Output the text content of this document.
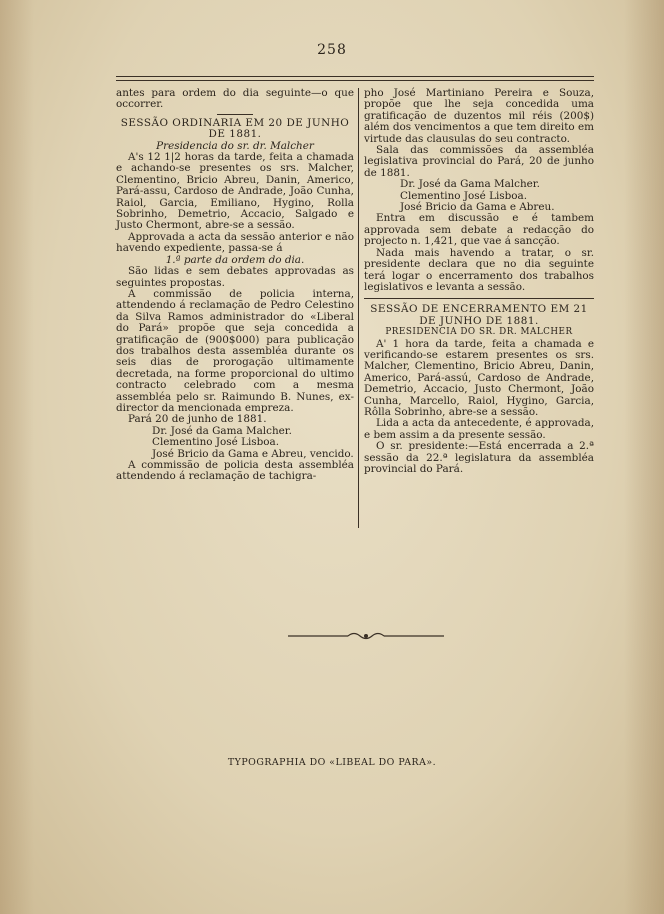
258

antes para ordem do dia seguinte—o que occorrer.

SESSÃO ORDINARIA EM 20 DE JUNHO DE 1881.

Presidencia do sr. dr. Malcher

A's 12 1|2 horas da tarde, feita a chamada e achando-se presentes os srs. Malcher, Clementino, Bricio Abreu, Danin, Americo, Pará-assu, Cardoso de Andrade, João Cunha, Raiol, Garcia, Emiliano, Hygino, Rolla Sobrinho, Demetrio, Accacio, Salgado e Justo Chermont, abre-se a sessão.

Approvada a acta da sessão anterior e não havendo expediente, passa-se á

1.ª parte da ordem do dia.

São lidas e sem debates approvadas as seguintes propostas.

A commissão de policia interna, attendendo á reclamação de Pedro Celestino da Silva Ramos administrador do «Liberal do Pará» propõe que seja concedida a gratificação de (900$000) para publicação dos trabalhos desta assembléa durante os seis dias de prorogação ultimamente decretada, na forme proporcional do ultimo contracto celebrado com a mesma assembléa pelo sr. Raimundo B. Nunes, ex-director da mencionada empreza.

Pará 20 de junho de 1881.

Dr. José da Gama Malcher.

Clementino José Lisboa.

José Bricio da Gama e Abreu, vencido.

A commissão de policia desta assembléa attendendo á reclamação de tachigra-

pho José Martiniano Pereira e Souza, propõe que lhe seja concedida uma gratificação de duzentos mil réis (200$) além dos vencimentos a que tem direito em virtude das clausulas do seu contracto.

Sala das commissões da assembléa legislativa provincial do Pará, 20 de junho de 1881.

Dr. José da Gama Malcher.

Clementino José Lisboa.

José Bricio da Gama e Abreu.

Entra em discussão e é tambem approvada sem debate a redacção do projecto n. 1,421, que vae á sancção.

Nada mais havendo a tratar, o sr. presidente declara que no dia seguinte terá logar o encerramento dos trabalhos legislativos e levanta a sessão.

SESSÃO DE ENCERRAMENTO EM 21 DE JUNHO DE 1881.

PRESIDENCIA DO SR. DR. MALCHER

A' 1 hora da tarde, feita a chamada e verificando-se estarem presentes os srs. Malcher, Clementino, Bricio Abreu, Danin, Americo, Pará-assú, Cardoso de Andrade, Demetrio, Accacio, Justo Chermont, João Cunha, Marcello, Raiol, Hygino, Garcia, Rôlla Sobrinho, abre-se a sessão.

Lida a acta da antecedente, é approvada, e bem assim a da presente sessão.

O sr. presidente:—Está encerrada a 2.ª sessão da 22.ª legislatura da assembléa provincial do Pará.

TYPOGRAPHIA DO «LIBEAL DO PARA».
